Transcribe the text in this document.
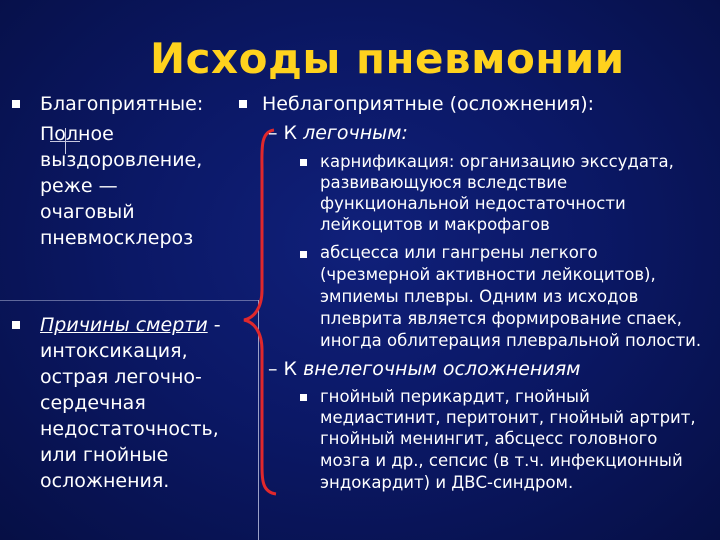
Исходы пневмонии
Благоприятные:
Полное
выздоровление,
реже —
очаговый
пневмосклероз
Причины смерти -
интоксикация,
острая легочно-
сердечная
недостаточность,
или гнойные
осложнения.
Неблагоприятные (осложнения):
– К легочным:
карнификация: организацию экссудата,
развивающуюся вследствие
функциональной недостаточности
лейкоцитов и макрофагов
абсцесса или гангрены легкого
(чрезмерной активности лейкоцитов),
эмпиемы плевры. Одним из исходов
плеврита является формирование спаек,
иногда облитерация плевральной полости.
– К внелегочным осложнениям
гнойный перикардит, гнойный
медиастинит, перитонит, гнойный артрит,
гнойный менингит, абсцесс головного
мозга и др., сепсис (в т.ч. инфекционный
эндокардит) и ДВС-синдром.
